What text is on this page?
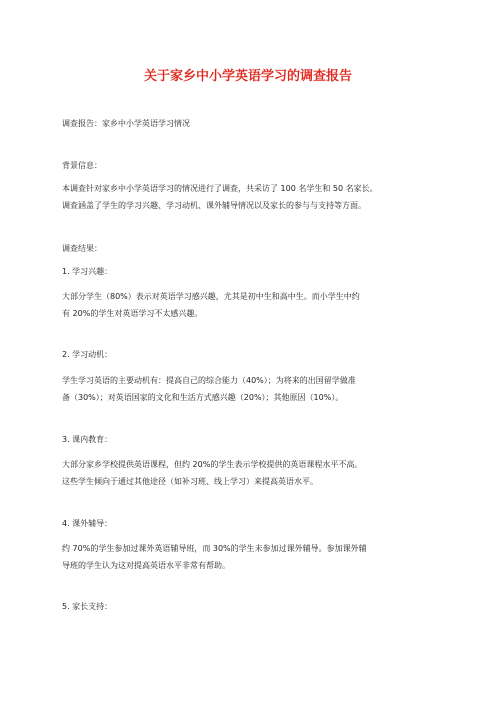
关于家乡中小学英语学习的调查报告
调查报告：家乡中小学英语学习情况
背景信息：
本调查针对家乡中小学英语学习的情况进行了调查，共采访了 100 名学生和 50 名家长。
调查涵盖了学生的学习兴趣、学习动机、课外辅导情况以及家长的参与与支持等方面。
调查结果：
1. 学习兴趣：
大部分学生（80%）表示对英语学习感兴趣，尤其是初中生和高中生。而小学生中约
有 20%的学生对英语学习不太感兴趣。
2. 学习动机：
学生学习英语的主要动机有：提高自己的综合能力（40%）；为将来的出国留学做准
备（30%）；对英语国家的文化和生活方式感兴趣（20%）；其他原因（10%）。
3. 课内教育：
大部分家乡学校提供英语课程，但约 20%的学生表示学校提供的英语课程水平不高。
这些学生倾向于通过其他途径（如补习班、线上学习）来提高英语水平。
4. 课外辅导：
约 70%的学生参加过课外英语辅导班，而 30%的学生未参加过课外辅导。参加课外辅
导班的学生认为这对提高英语水平非常有帮助。
5. 家长支持：
